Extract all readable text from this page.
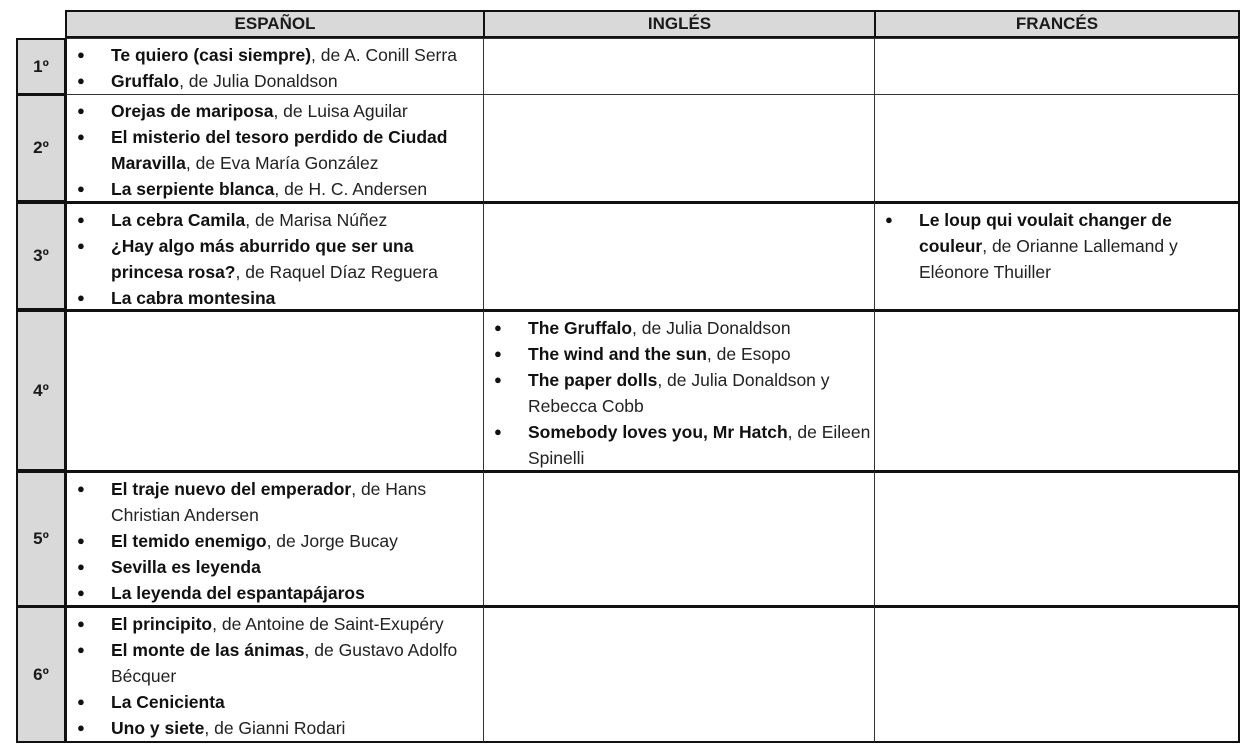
ESPAÑOL	INGLÉS	FRANCÉS
1º
● Te quiero (casi siempre), de A. Conill Serra
● Gruffalo, de Julia Donaldson
2º
● Orejas de mariposa, de Luisa Aguilar
● El misterio del tesoro perdido de Ciudad Maravilla, de Eva María González
● La serpiente blanca, de H. C. Andersen
3º
● La cebra Camila, de Marisa Núñez
● ¿Hay algo más aburrido que ser una princesa rosa?, de Raquel Díaz Reguera
● La cabra montesina
● Le loup qui voulait changer de couleur, de Orianne Lallemand y Eléonore Thuiller
4º
● The Gruffalo, de Julia Donaldson
● The wind and the sun, de Esopo
● The paper dolls, de Julia Donaldson y Rebecca Cobb
● Somebody loves you, Mr Hatch, de Eileen Spinelli
5º
● El traje nuevo del emperador, de Hans Christian Andersen
● El temido enemigo, de Jorge Bucay
● Sevilla es leyenda
● La leyenda del espantapájaros
6º
● El principito, de Antoine de Saint-Exupéry
● El monte de las ánimas, de Gustavo Adolfo Bécquer
● La Cenicienta
● Uno y siete, de Gianni Rodari
